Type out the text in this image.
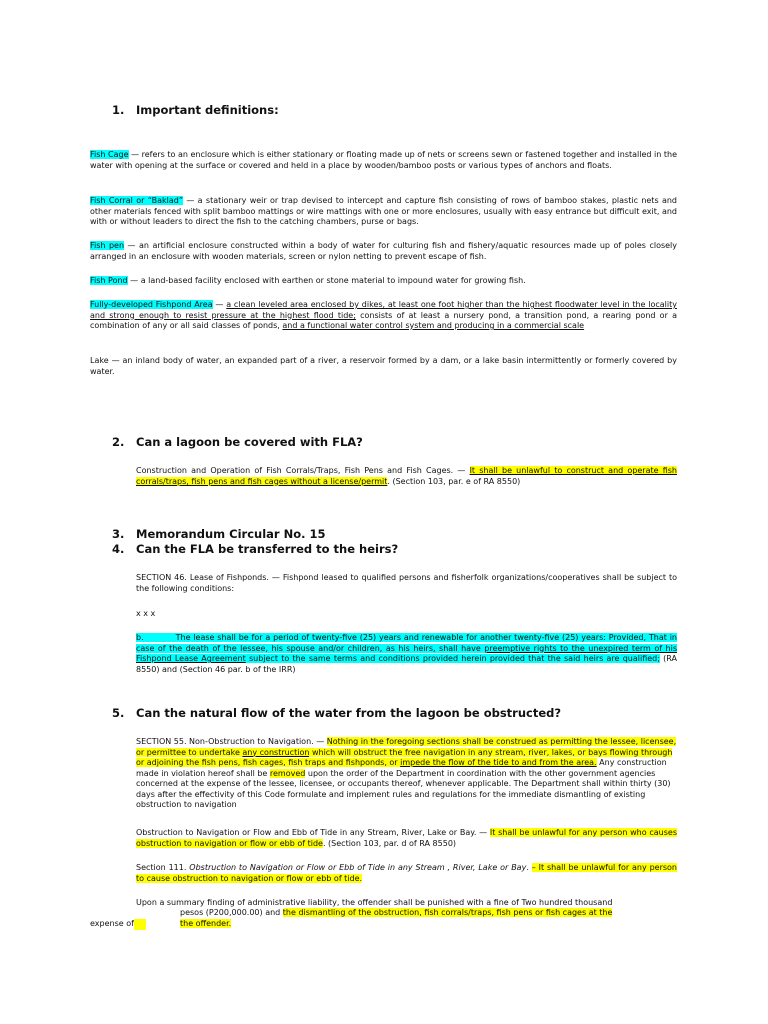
1. Important definitions:

Fish Cage — refers to an enclosure which is either stationary or floating made up of nets or screens sewn or fastened together and installed in the water with opening at the surface or covered and held in a place by wooden/bamboo posts or various types of anchors and floats.

Fish Corral or “Baklad” — a stationary weir or trap devised to intercept and capture fish consisting of rows of bamboo stakes, plastic nets and other materials fenced with split bamboo mattings or wire mattings with one or more enclosures, usually with easy entrance but difficult exit, and with or without leaders to direct the fish to the catching chambers, purse or bags.

Fish pen — an artificial enclosure constructed within a body of water for culturing fish and fishery/aquatic resources made up of poles closely arranged in an enclosure with wooden materials, screen or nylon netting to prevent escape of fish.

Fish Pond — a land-based facility enclosed with earthen or stone material to impound water for growing fish.

Fully-developed Fishpond Area — a clean leveled area enclosed by dikes, at least one foot higher than the highest floodwater level in the locality and strong enough to resist pressure at the highest flood tide; consists of at least a nursery pond, a transition pond, a rearing pond or a combination of any or all said classes of ponds, and a functional water control system and producing in a commercial scale

Lake — an inland body of water, an expanded part of a river, a reservoir formed by a dam, or a lake basin intermittently or formerly covered by water.

2. Can a lagoon be covered with FLA?

Construction and Operation of Fish Corrals/Traps, Fish Pens and Fish Cages. — It shall be unlawful to construct and operate fish corrals/traps, fish pens and fish cages without a license/permit. (Section 103, par. e of RA 8550)

3. Memorandum Circular No. 15
4. Can the FLA be transferred to the heirs?

SECTION 46. Lease of Fishponds. — Fishpond leased to qualified persons and fisherfolk organizations/cooperatives shall be subject to the following conditions:

x x x

b.	The lease shall be for a period of twenty-five (25) years and renewable for another twenty-five (25) years: Provided, That in case of the death of the lessee, his spouse and/or children, as his heirs, shall have preemptive rights to the unexpired term of his Fishpond Lease Agreement subject to the same terms and conditions provided herein provided that the said heirs are qualified; (RA 8550) and (Section 46 par. b of the IRR)

5. Can the natural flow of the water from the lagoon be obstructed?

SECTION 55. Non-Obstruction to Navigation. — Nothing in the foregoing sections shall be construed as permitting the lessee, licensee, or permittee to undertake any construction which will obstruct the free navigation in any stream, river, lakes, or bays flowing through or adjoining the fish pens, fish cages, fish traps and fishponds, or impede the flow of the tide to and from the area. Any construction made in violation hereof shall be removed upon the order of the Department in coordination with the other government agencies concerned at the expense of the lessee, licensee, or occupants thereof, whenever applicable. The Department shall within thirty (30) days after the effectivity of this Code formulate and implement rules and regulations for the immediate dismantling of existing obstruction to navigation

Obstruction to Navigation or Flow and Ebb of Tide in any Stream, River, Lake or Bay. — It shall be unlawful for any person who causes obstruction to navigation or flow or ebb of tide. (Section 103, par. d of RA 8550)

Section 111. Obstruction to Navigation or Flow or Ebb of Tide in any Stream , River, Lake or Bay. – It shall be unlawful for any person to cause obstruction to navigation or flow or ebb of tide.

Upon a summary finding of administrative liability, the offender shall be punished with a fine of Two hundred thousand

pesos (P200,000.00) and the dismantling of the obstruction, fish corrals/traps, fish pens or fish cages at the

expense of	the offender.
